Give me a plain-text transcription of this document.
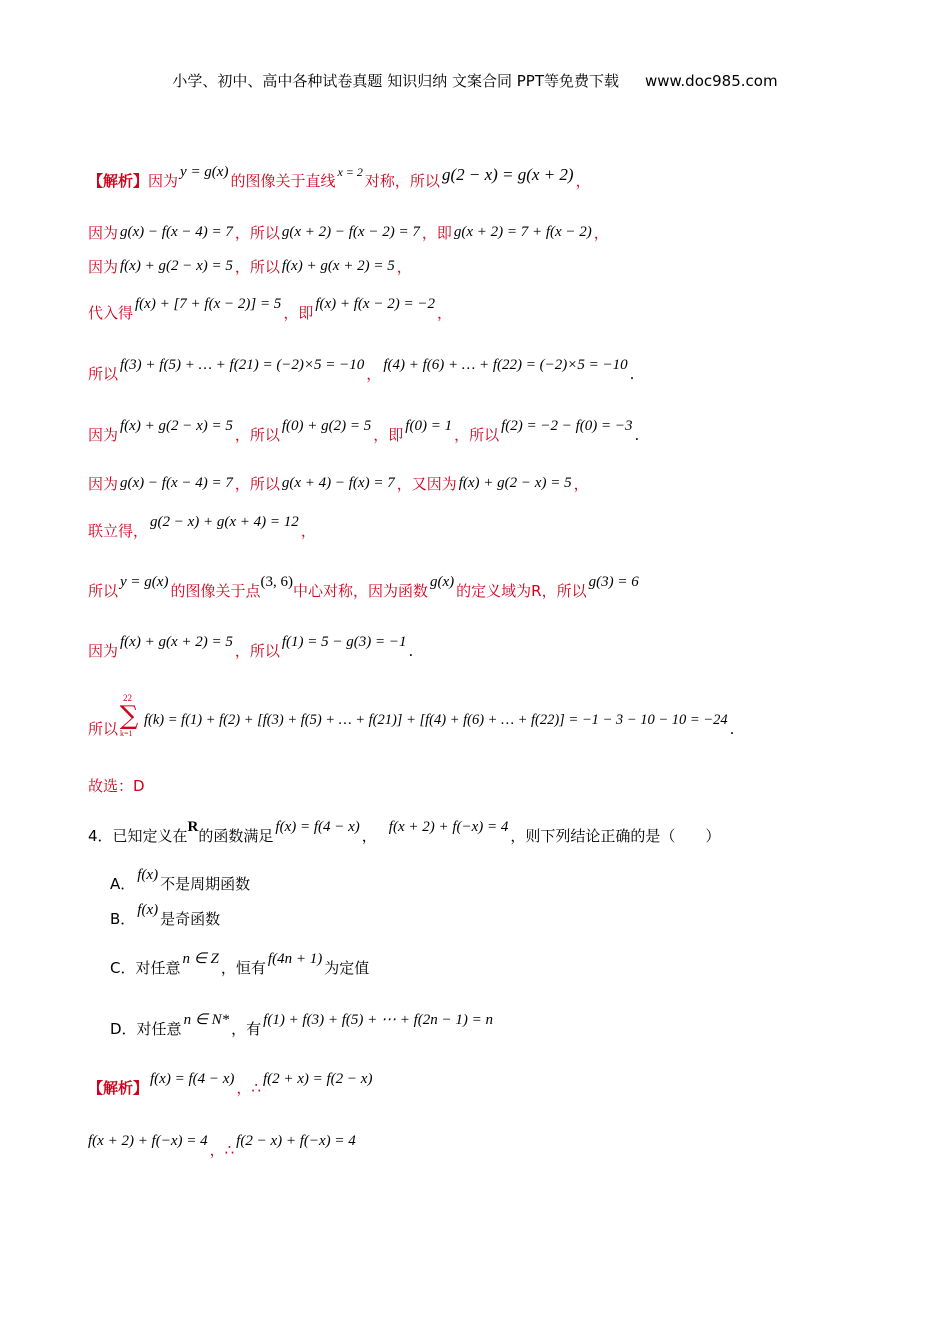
小学、初中、高中各种试卷真题 知识归纳 文案合同 PPT等免费下载 www.doc985.com
【解析】因为 y = g(x) 的图像关于直线 $^{x = 2}$ 对称，所以 g(2 − x) = g(x + 2) ，
因为 g(x) − f(x − 4) = 7 ，所以 g(x + 2) − f(x − 2) = 7 ，即 g(x + 2) = 7 + f(x − 2) ，
因为 f(x) + g(2 − x) = 5 ，所以 f(x) + g(x + 2) = 5 ，
代入得 f(x) + [7 + f(x − 2)] = 5 ，即 f(x) + f(x − 2) = −2 ，
所以 f(3) + f(5) + … + f(21) = (−2)×5 = −10 ， f(4) + f(6) + … + f(22) = (−2)×5 = −10 .
因为 f(x) + g(2 − x) = 5 ，所以 f(0) + g(2) = 5 ，即 f(0) = 1 ，所以 f(2) = −2 − f(0) = −3 .
因为 g(x) − f(x − 4) = 7 ，所以 g(x + 4) − f(x) = 7 ，又因为 f(x) + g(2 − x) = 5 ，
联立得， g(2 − x) + g(x + 4) = 12 ，
所以 y = g(x) 的图像关于点(3, 6)中心对称，因为函数 g(x) 的定义域为R，所以 g(3) = 6
因为 f(x) + g(x + 2) = 5 ，所以 f(1) = 5 − g(3) = −1 .
所以
22
∑
k=1
f(k) = f(1) + f(2) + [f(3) + f(5) + … + f(21)] + [f(4) + f(6) + … + f(22)] = −1 − 3 − 10 − 10 = −24 .
故选：D
4．已知定义在R的函数满足 f(x) = f(4 − x) ， f(x + 2) + f(−x) = 4 ，则下列结论正确的是（　　）
A． f(x) 不是周期函数
B． f(x) 是奇函数
C．对任意 n ∈ Z ，恒有 f(4n + 1) 为定值
D．对任意 n ∈ N* ，有 f(1) + f(3) + f(5) + ⋯ + f(2n − 1) = n
【解析】 f(x) = f(4 − x) ，∴ f(2 + x) = f(2 − x)
f(x + 2) + f(−x) = 4 ，∴ f(2 − x) + f(−x) = 4
